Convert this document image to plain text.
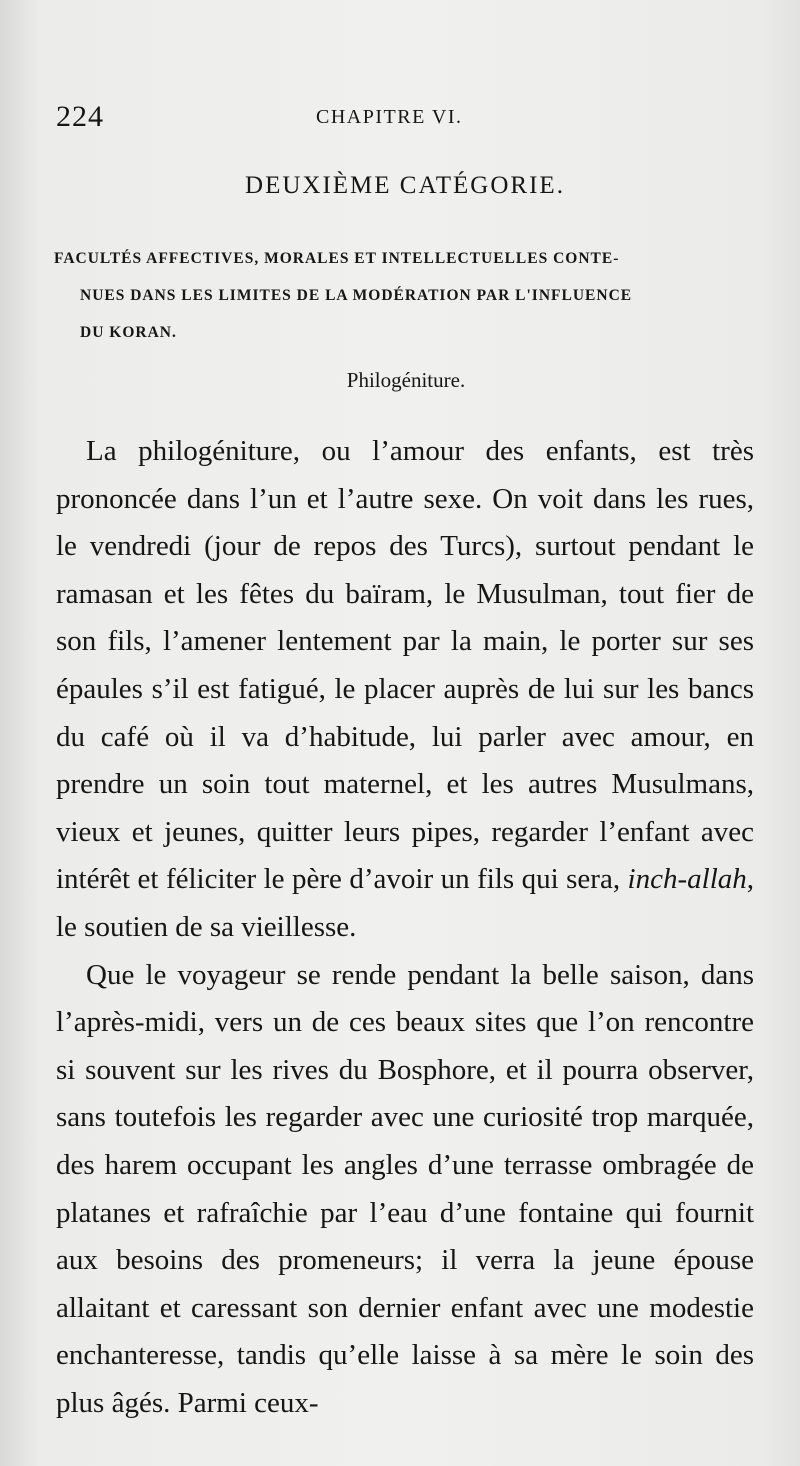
224	CHAPITRE VI.
DEUXIÈME CATÉGORIE.
FACULTÉS AFFECTIVES, MORALES ET INTELLECTUELLES CONTE-
NUES DANS LES LIMITES DE LA MODÉRATION PAR L'INFLUENCE
DU KORAN.
Philogéniture.

La philogéniture, ou l’amour des enfants, est très prononcée dans l’un et l’autre sexe. On voit dans les rues, le vendredi (jour de repos des Turcs), surtout pendant le ramasan et les fêtes du baïram, le Musulman, tout fier de son fils, l’amener lentement par la main, le porter sur ses épaules s’il est fatigué, le placer auprès de lui sur les bancs du café où il va d’habitude, lui parler avec amour, en prendre un soin tout maternel, et les autres Musulmans, vieux et jeunes, quitter leurs pipes, regarder l’enfant avec intérêt et féliciter le père d’avoir un fils qui sera, inch-allah, le soutien de sa vieillesse.

Que le voyageur se rende pendant la belle saison, dans l’après-midi, vers un de ces beaux sites que l’on rencontre si souvent sur les rives du Bosphore, et il pourra observer, sans toutefois les regarder avec une curiosité trop marquée, des harem occupant les angles d’une terrasse ombragée de platanes et rafraîchie par l’eau d’une fontaine qui fournit aux besoins des promeneurs; il verra la jeune épouse allaitant et caressant son dernier enfant avec une modestie enchanteresse, tandis qu’elle laisse à sa mère le soin des plus âgés. Parmi ceux-
